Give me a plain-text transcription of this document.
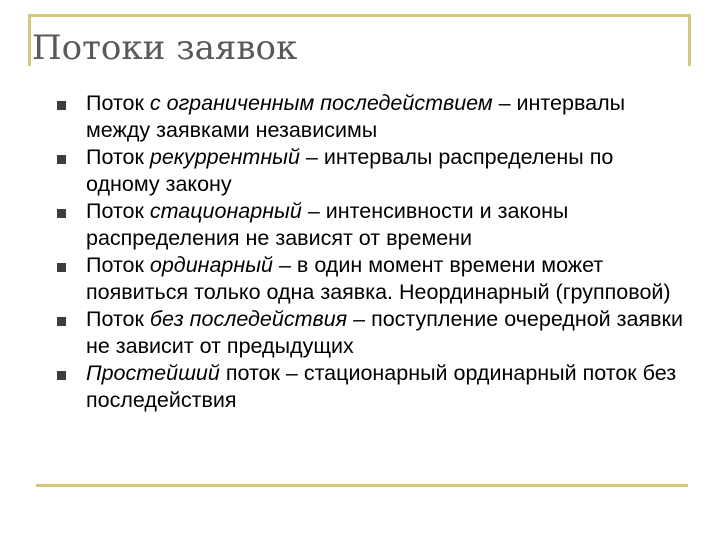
Потоки заявок
Поток с ограниченным последействием – интервалы между заявками независимы
Поток рекуррентный – интервалы распределены по одному закону
Поток стационарный – интенсивности и законы распределения не зависят от времени
Поток ординарный – в один момент времени может появиться только одна заявка. Неординарный (групповой)
Поток без последействия – поступление очередной заявки не зависит от предыдущих
Простейший поток – стационарный ординарный поток без последействия
